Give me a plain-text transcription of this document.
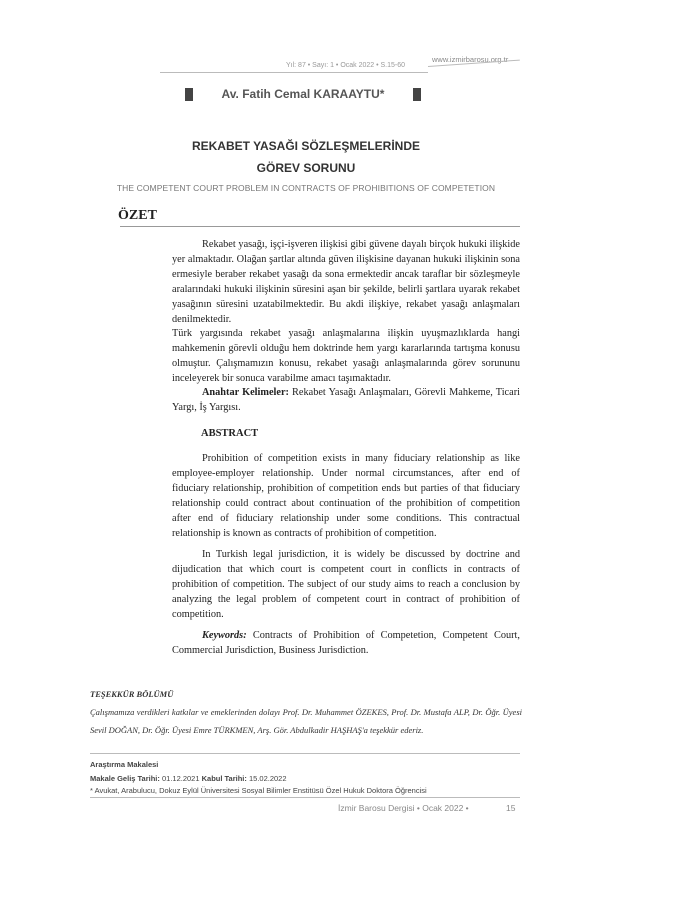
www.izmirbarosu.org.tr
Yıl: 87 • Sayı: 1 • Ocak 2022 • S.15-60
Av. Fatih Cemal KARAAYTU*
REKABET YASAĞI SÖZLEŞMELERİNDE
GÖREV SORUNU
THE COMPETENT COURT PROBLEM IN CONTRACTS OF PROHIBITIONS OF COMPETETION
ÖZET

Rekabet yasağı, işçi-işveren ilişkisi gibi güvene dayalı birçok hukuki ilişkide yer almaktadır. Olağan şartlar altında güven ilişkisine dayanan hukuki ilişkinin sona ermesiyle beraber rekabet yasağı da sona ermektedir ancak taraflar bir sözleşmeyle aralarındaki hukuki ilişkinin süresini aşan bir şekilde, belirli şartlara uyarak rekabet yasağının süresini uzatabilmektedir. Bu akdi ilişkiye, rekabet yasağı anlaşmaları denilmektedir.

Türk yargısında rekabet yasağı anlaşmalarına ilişkin uyuşmazlıklarda hangi mahkemenin görevli olduğu hem doktrinde hem yargı kararlarında tartışma konusu olmuştur. Çalışmamızın konusu, rekabet yasağı anlaşmalarında görev sorununu inceleyerek bir sonuca varabilme amacı taşımaktadır.

Anahtar Kelimeler: Rekabet Yasağı Anlaşmaları, Görevli Mahkeme, Ticari Yargı, İş Yargısı.

ABSTRACT

Prohibition of competition exists in many fiduciary relationship as like employee-employer relationship. Under normal circumstances, after end of fiduciary relationship, prohibition of competition ends but parties of that fiduciary relationship could contract about continuation of the prohibition of competition after end of fiduciary relationship under some conditions. This contractual relationship is known as contracts of prohibition of competition.

In Turkish legal jurisdiction, it is widely be discussed by doctrine and dijudication that which court is competent court in conflicts in contracts of prohibition of competition. The subject of our study aims to reach a conclusion by analyzing the legal problem of competent court in contract of prohibition of competition.

Keywords: Contracts of Prohibition of Competetion, Competent Court, Commercial Jurisdiction, Business Jurisdiction.

TEŞEKKÜR BÖLÜMÜ
Çalışmamıza verdikleri katkılar ve emeklerinden dolayı Prof. Dr. Muhammet ÖZEKES, Prof. Dr. Mustafa ALP, Dr. Öğr. Üyesi Sevil DOĞAN, Dr. Öğr. Üyesi Emre TÜRKMEN, Arş. Gör. Abdulkadir HAŞHAŞ'a teşekkür ederiz.
Araştırma Makalesi
Makale Geliş Tarihi: 01.12.2021 Kabul Tarihi: 15.02.2022
* Avukat, Arabulucu, Dokuz Eylül Üniversitesi Sosyal Bilimler Enstitüsü Özel Hukuk Doktora Öğrencisi
İzmir Barosu Dergisi • Ocak 2022 •	15
